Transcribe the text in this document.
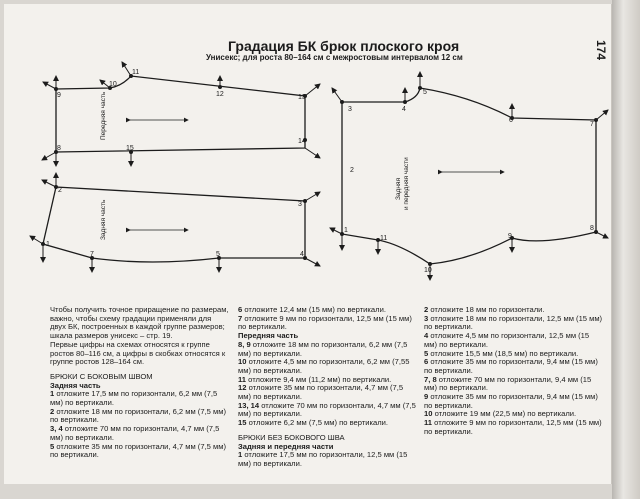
Градация БК брюк плоского кроя
Унисекс; для роста 80–164 см с межростовым интервалом 12 см	174
11
10
9	12	13
8	15
14
Передняя часть
2
3
1
7	5	4
Задняя часть
2
3	4
5
6
7
1
11
10
9
8
Задняя и передняя части

Чтобы получить точное приращение по размерам,

важно, чтобы схему градации применяли для

двух БК, построенных в каждой группе размеров;

шкала размеров унисекс – стр. 19.

Первые цифры на схемах относятся к группе

ростов 80–116 см, а цифры в скобках относятся к

группе ростов 128–164 см.

БРЮКИ С БОКОВЫМ ШВОМ

Задняя часть

1 отложите 17,5 мм по горизонтали, 6,2 мм (7,5 мм) по вертикали.

2 отложите 18 мм по горизонтали, 6,2 мм (7,5 мм) по вертикали.

3, 4 отложите 70 мм по горизонтали, 4,7 мм (7,5 мм) по вертикали.

5 отложите 35 мм по горизонтали, 4,7 мм (7,5 мм) по вертикали.

6 отложите 12,4 мм (15 мм) по вертикали.

7 отложите 9 мм по горизонтали, 12,5 мм (15 мм) по вертикали.

Передняя часть

8, 9 отложите 18 мм по горизонтали, 6,2 мм (7,5 мм) по вертикали.

10 отложите 4,5 мм по горизонтали, 6,2 мм (7,55 мм) по вертикали.

11 отложите 9,4 мм (11,2 мм) по вертикали.

12 отложите 35 мм по горизонтали, 4,7 мм (7,5 мм) по вертикали.

13, 14 отложите 70 мм по горизонтали, 4,7 мм (7,5 мм) по вертикали.

15 отложите 6,2 мм (7,5 мм) по вертикали.

БРЮКИ БЕЗ БОКОВОГО ШВА

Задняя и передняя части

1 отложите 17,5 мм по горизонтали, 12,5 мм (15 мм) по вертикали.

2 отложите 18 мм по горизонтали.

3 отложите 18 мм по горизонтали, 12,5 мм (15 мм) по вертикали.

4 отложите 4,5 мм по горизонтали, 12,5 мм (15 мм) по вертикали.

5 отложите 15,5 мм (18,5 мм) по вертикали.

6 отложите 35 мм по горизонтали, 9,4 мм (15 мм) по вертикали.

7, 8 отложите 70 мм по горизонтали, 9,4 мм (15 мм) по вертикали.

9 отложите 35 мм по горизонтали, 9,4 мм (15 мм) по вертикали.

10 отложите 19 мм (22,5 мм) по вертикали.

11 отложите 9 мм по горизонтали, 12,5 мм (15 мм) по вертикали.
